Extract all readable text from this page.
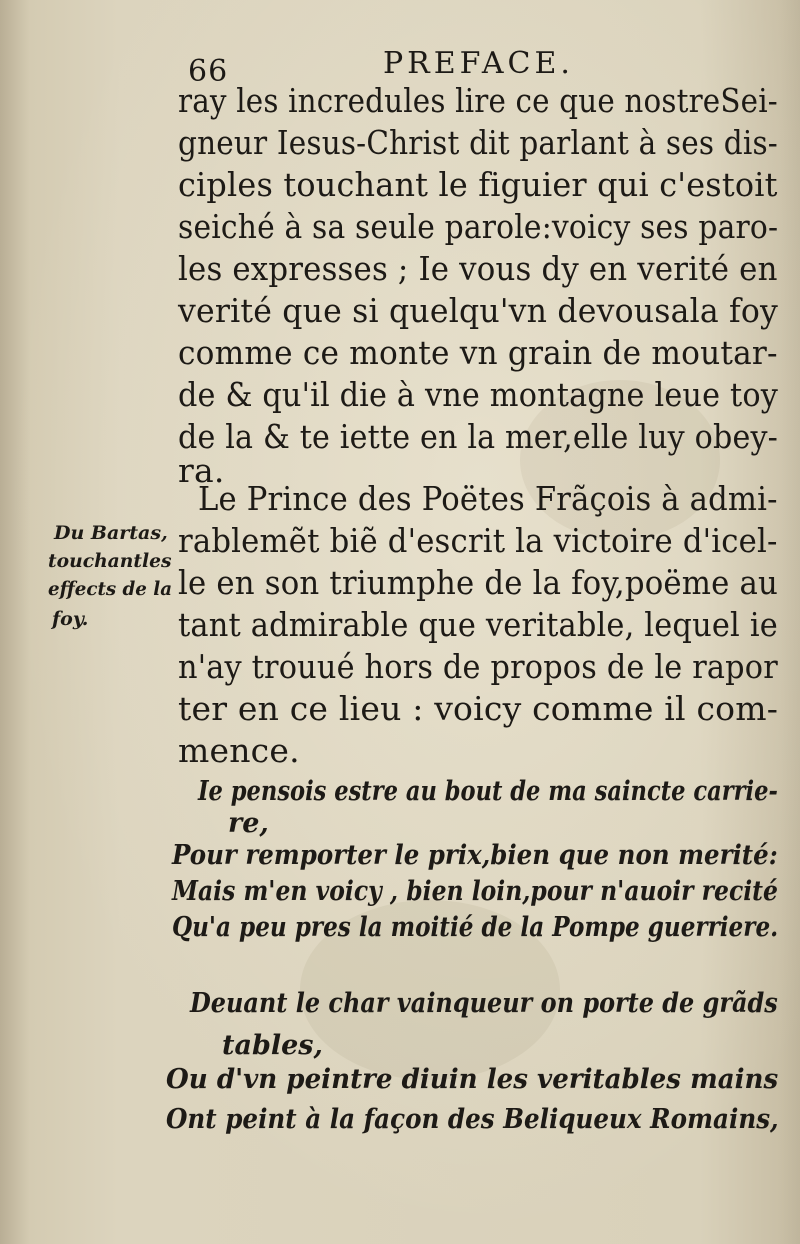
66	PREFACE.
ray les incredules lire ce que nostreSei-
gneur Iesus-Christ dit parlant à ses dis-
ciples touchant le figuier qui c'estoit
seiché à sa seule parole:voicy ses paro-
les expresses ; Ie vous dy en verité en
verité que si quelqu'vn devousala foy
comme ce monte vn grain de moutar-
de & qu'il die à vne montagne leue toy
de la & te iette en la mer,elle luy obey-
ra.
Le Prince des Poëtes Frãçois à admi-
rablemẽt biẽ d'escrit la victoire d'icel-
le en son triumphe de la foy,poëme au
tant admirable que veritable, lequel ie
n'ay trouué hors de propos de le rapor
ter en ce lieu : voicy comme il com-
mence.
Du Bartas,
touchantles
effects de la
foy.
Ie pensois estre au bout de ma saincte carrie-
re,
Pour remporter le prix,bien que non merité:
Mais m'en voicy , bien loin,pour n'auoir recité
Qu'a peu pres la moitié de la Pompe guerriere.
Deuant le char vainqueur on porte de grãds
tables,
Ou d'vn peintre diuin les veritables mains
Ont peint à la façon des Beliqueux Romains,
